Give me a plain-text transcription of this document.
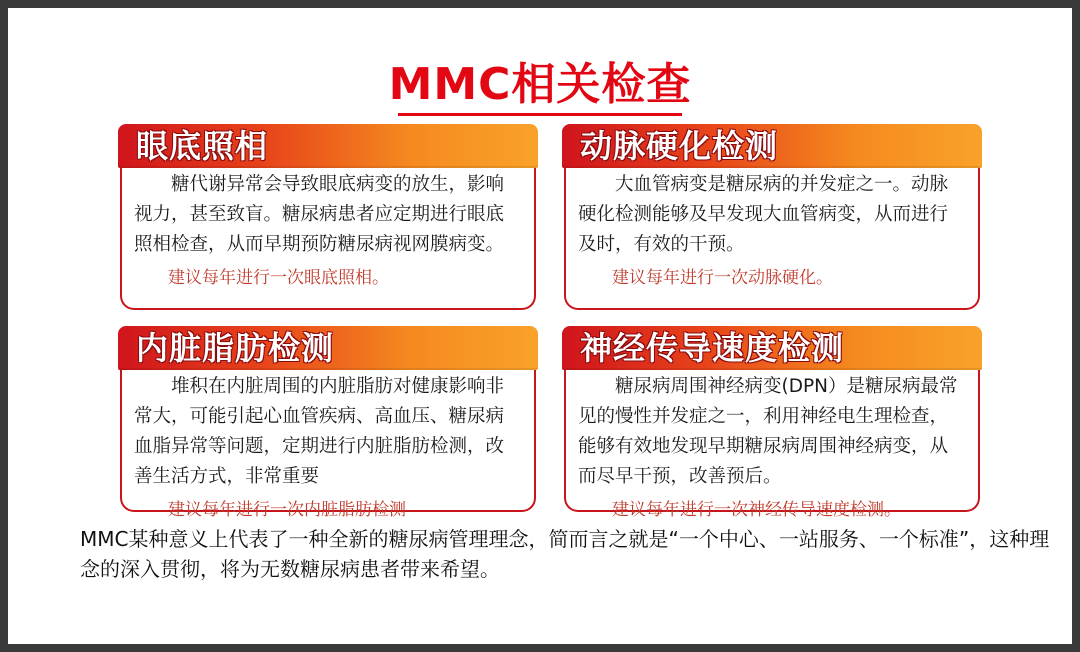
MMC相关检查

糖代谢异常会导致眼底病变的放生，影响视力，甚至致盲。糖尿病患者应定期进行眼底照相检查，从而早期预防糖尿病视网膜病变。

建议每年进行一次眼底照相。

眼底照相

大血管病变是糖尿病的并发症之一。动脉硬化检测能够及早发现大血管病变，从而进行及时，有效的干预。

建议每年进行一次动脉硬化。

动脉硬化检测

堆积在内脏周围的内脏脂肪对健康影响非常大，可能引起心血管疾病、高血压、糖尿病血脂异常等问题，定期进行内脏脂肪检测，改善生活方式，非常重要

建议每年进行一次内脏脂肪检测

内脏脂肪检测

糖尿病周围神经病变(DPN）是糖尿病最常见的慢性并发症之一，利用神经电生理检查，能够有效地发现早期糖尿病周围神经病变，从而尽早干预，改善预后。

建议每年进行一次神经传导速度检测。

神经传导速度检测

MMC某种意义上代表了一种全新的糖尿病管理理念，简而言之就是“一个中心、一站服务、一个标准”，这种理念的深入贯彻，将为无数糖尿病患者带来希望。
